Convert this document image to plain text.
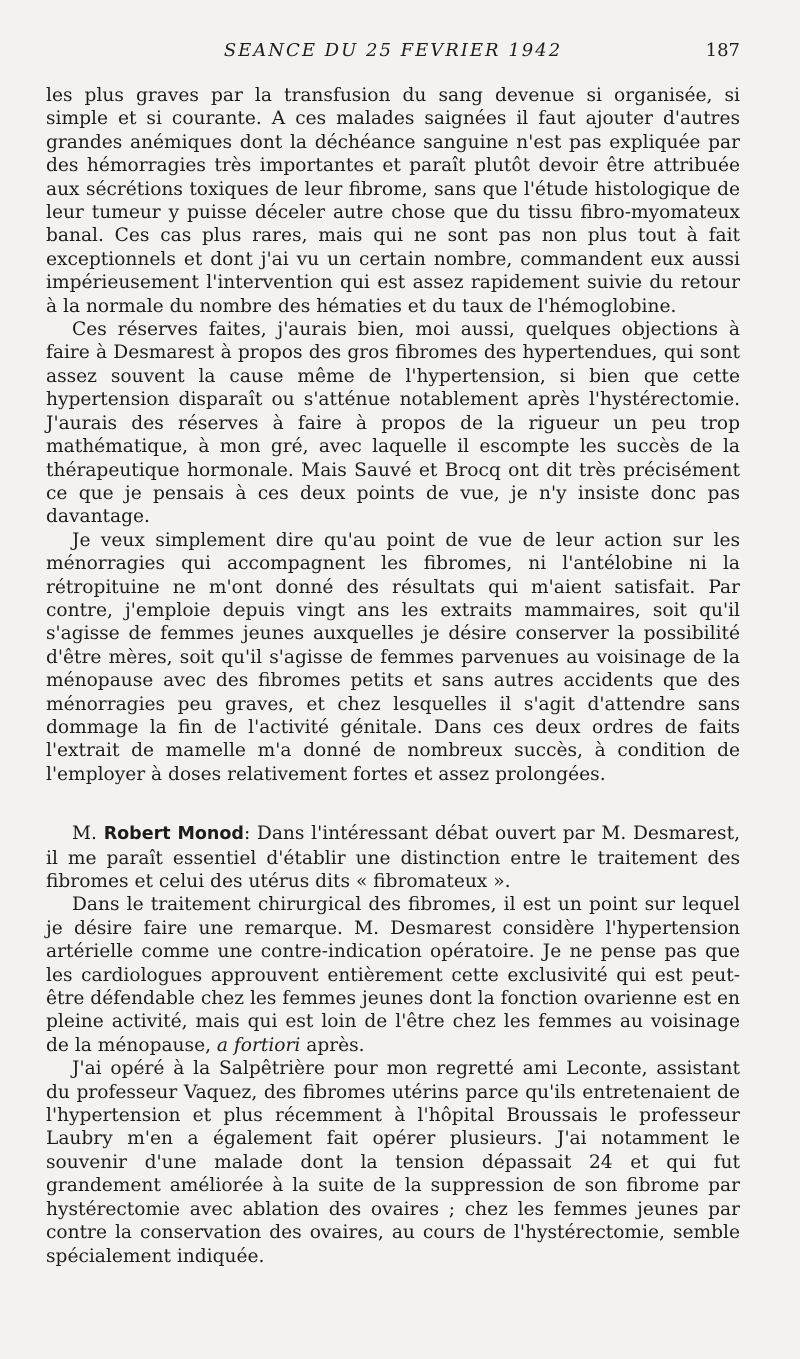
SEANCE DU 25 FEVRIER 1942	187

les plus graves par la transfusion du sang devenue si organisée, si simple et si courante. A ces malades saignées il faut ajouter d'autres grandes anémiques dont la déchéance sanguine n'est pas expliquée par des hémorragies très importantes et paraît plutôt devoir être attribuée aux sécrétions toxiques de leur fibrome, sans que l'étude histologique de leur tumeur y puisse déceler autre chose que du tissu fibro-myomateux banal. Ces cas plus rares, mais qui ne sont pas non plus tout à fait exceptionnels et dont j'ai vu un certain nombre, commandent eux aussi impérieusement l'intervention qui est assez rapidement suivie du retour à la normale du nombre des hématies et du taux de l'hémoglobine.

Ces réserves faites, j'aurais bien, moi aussi, quelques objections à faire à Desmarest à propos des gros fibromes des hypertendues, qui sont assez souvent la cause même de l'hypertension, si bien que cette hypertension disparaît ou s'atténue notablement après l'hystérectomie. J'aurais des réserves à faire à propos de la rigueur un peu trop mathématique, à mon gré, avec laquelle il escompte les succès de la thérapeutique hormonale. Mais Sauvé et Brocq ont dit très précisément ce que je pensais à ces deux points de vue, je n'y insiste donc pas davantage.

Je veux simplement dire qu'au point de vue de leur action sur les ménorragies qui accompagnent les fibromes, ni l'antélobine ni la rétropituine ne m'ont donné des résultats qui m'aient satisfait. Par contre, j'emploie depuis vingt ans les extraits mammaires, soit qu'il s'agisse de femmes jeunes auxquelles je désire conserver la possibilité d'être mères, soit qu'il s'agisse de femmes parvenues au voisinage de la ménopause avec des fibromes petits et sans autres accidents que des ménorragies peu graves, et chez lesquelles il s'agit d'attendre sans dommage la fin de l'activité génitale. Dans ces deux ordres de faits l'extrait de mamelle m'a donné de nombreux succès, à condition de l'employer à doses relativement fortes et assez prolongées.

M. Robert Monod: Dans l'intéressant débat ouvert par M. Desmarest, il me paraît essentiel d'établir une distinction entre le traitement des fibromes et celui des utérus dits « fibromateux ».

Dans le traitement chirurgical des fibromes, il est un point sur lequel je désire faire une remarque. M. Desmarest considère l'hypertension artérielle comme une contre-indication opératoire. Je ne pense pas que les cardiologues approuvent entièrement cette exclusivité qui est peut-être défendable chez les femmes jeunes dont la fonction ovarienne est en pleine activité, mais qui est loin de l'être chez les femmes au voisinage de la ménopause, a fortiori après.

J'ai opéré à la Salpêtrière pour mon regretté ami Leconte, assistant du professeur Vaquez, des fibromes utérins parce qu'ils entretenaient de l'hypertension et plus récemment à l'hôpital Broussais le professeur Laubry m'en a également fait opérer plusieurs. J'ai notamment le souvenir d'une malade dont la tension dépassait 24 et qui fut grandement améliorée à la suite de la suppression de son fibrome par hystérectomie avec ablation des ovaires ; chez les femmes jeunes par contre la conservation des ovaires, au cours de l'hystérectomie, semble spécialement indiquée.
